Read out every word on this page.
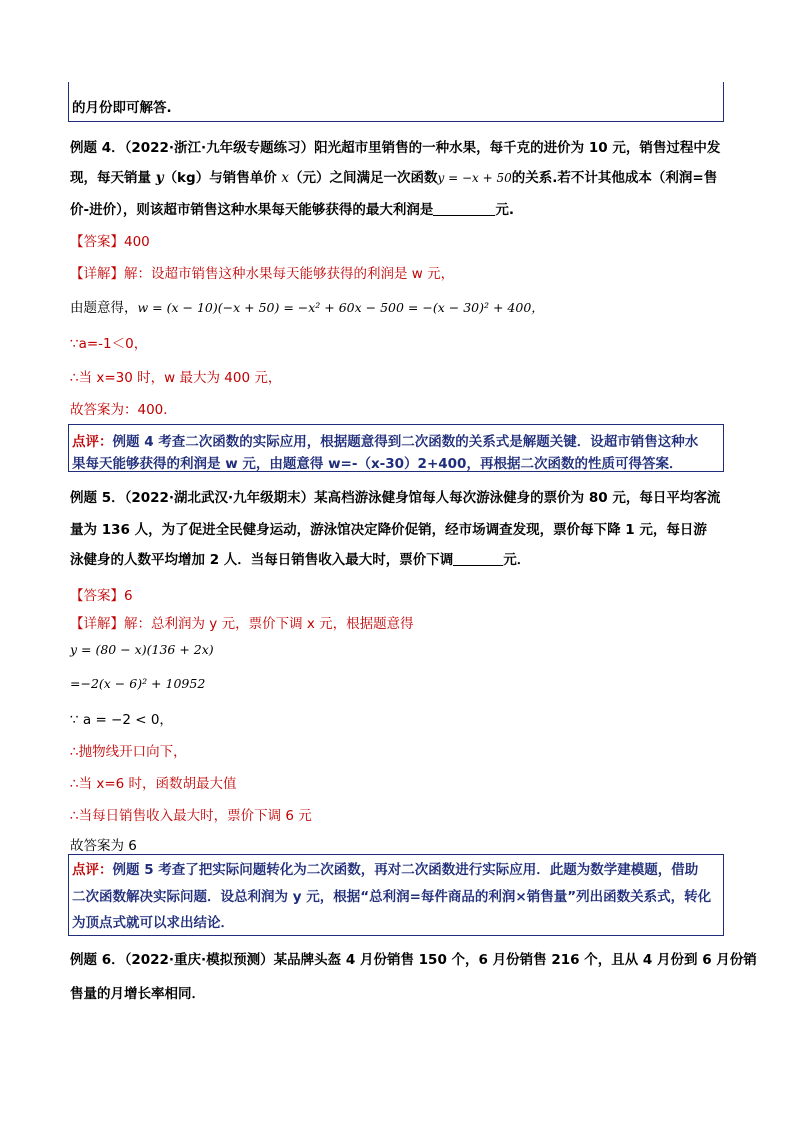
的月份即可解答.
例题 4．（2022·浙江·九年级专题练习）阳光超市里销售的一种水果，每千克的进价为 10 元，销售过程中发
现，每天销量 y（kg）与销售单价 x（元）之间满足一次函数y = −x + 50的关系.若不计其他成本（利润=售
价-进价），则该超市销售这种水果每天能够获得的最大利润是	元.
【答案】400
【详解】解：设超市销售这种水果每天能够获得的利润是 w 元，
由题意得，w = (x − 10)(−x + 50) = −x² + 60x − 500 = −(x − 30)² + 400，
∵a=-1＜0，
∴当 x=30 时，w 最大为 400 元，
故答案为：400．
点评：例题 4 考查二次函数的实际应用，根据题意得到二次函数的关系式是解题关键．设超市销售这种水
果每天能够获得的利润是 w 元，由题意得 w=-（x-30）2+400，再根据二次函数的性质可得答案．
例题 5．（2022·湖北武汉·九年级期末）某高档游泳健身馆每人每次游泳健身的票价为 80 元，每日平均客流
量为 136 人，为了促进全民健身运动，游泳馆决定降价促销，经市场调查发现，票价每下降 1 元，每日游
泳健身的人数平均增加 2 人．当每日销售收入最大时，票价下调	元．
【答案】6
【详解】解：总利润为 y 元，票价下调 x 元，根据题意得
y = (80 − x)(136 + 2x)
=−2(x − 6)² + 10952
∵ a = −2 < 0，
∴抛物线开口向下，
∴当 x=6 时，函数胡最大值
∴当每日销售收入最大时，票价下调 6 元
故答案为 6
点评：例题 5 考查了把实际问题转化为二次函数，再对二次函数进行实际应用．此题为数学建模题，借助
二次函数解决实际问题．设总利润为 y 元，根据“总利润=每件商品的利润×销售量”列出函数关系式，转化
为顶点式就可以求出结论．
例题 6．（2022·重庆·模拟预测）某品牌头盔 4 月份销售 150 个，6 月份销售 216 个，且从 4 月份到 6 月份销
售量的月增长率相同．
